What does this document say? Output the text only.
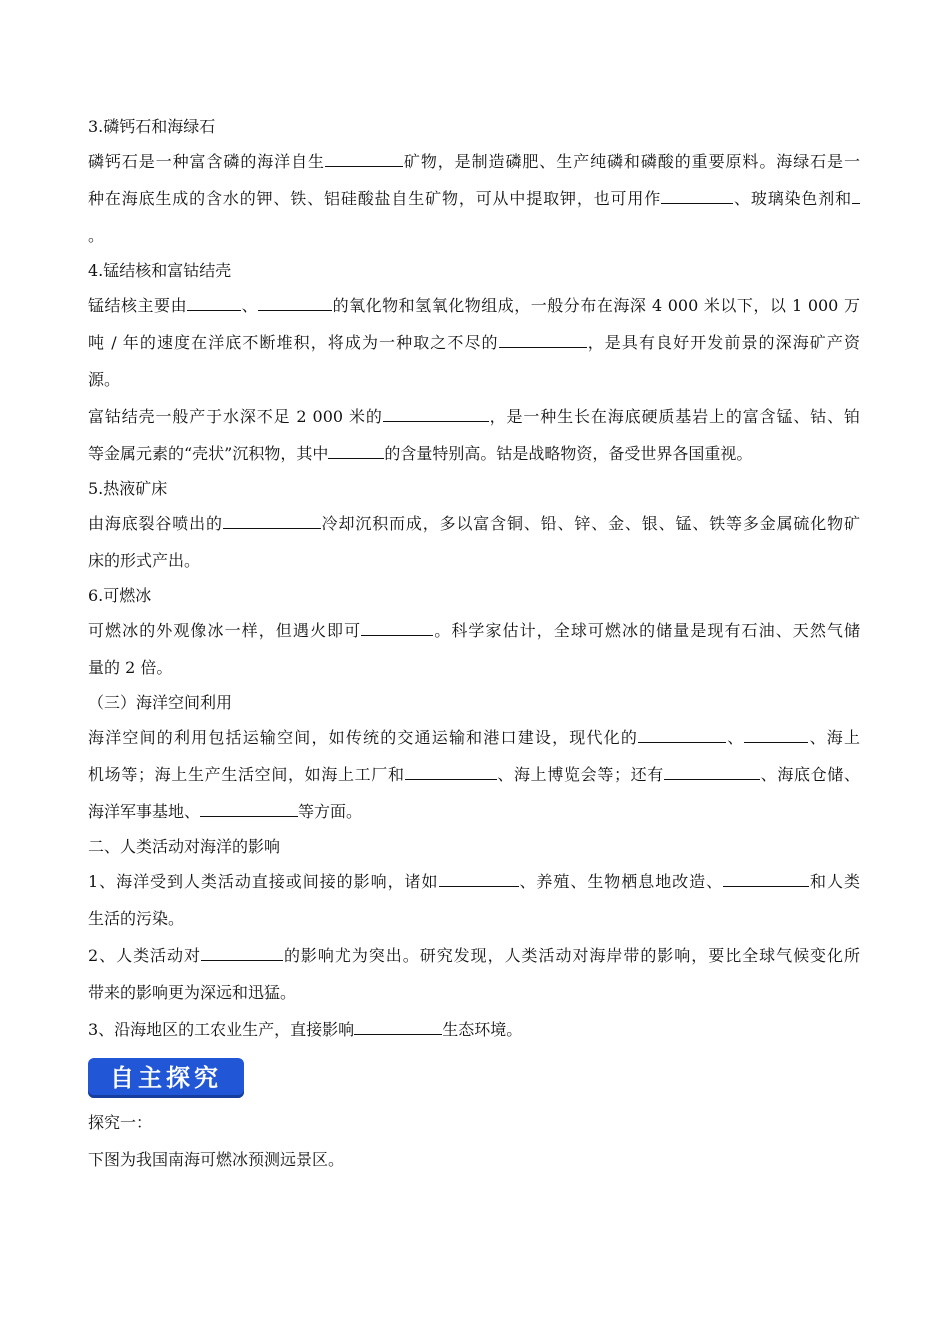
3.磷钙石和海绿石
磷钙石是一种富含磷的海洋自生	矿物，是制造磷肥、生产纯磷和磷酸的重要原料。海绿石是一
种在海底生成的含水的钾、铁、铝硅酸盐自生矿物，可从中提取钾，也可用作	、玻璃染色剂和
。
4.锰结核和富钴结壳
锰结核主要由	、	的氧化物和氢氧化物组成，一般分布在海深 4 000 米以下，以 1 000 万
吨 / 年的速度在洋底不断堆积，将成为一种取之不尽的	，是具有良好开发前景的深海矿产资
源。
富钴结壳一般产于水深不足 2 000 米的	，是一种生长在海底硬质基岩上的富含锰、钴、铂
等金属元素的“壳状”沉积物，其中	的含量特别高。钴是战略物资，备受世界各国重视。
5.热液矿床
由海底裂谷喷出的	冷却沉积而成，多以富含铜、铅、锌、金、银、锰、铁等多金属硫化物矿
床的形式产出。
6.可燃冰
可燃冰的外观像冰一样，但遇火即可	。科学家估计，全球可燃冰的储量是现有石油、天然气储
量的 2 倍。
（三）海洋空间利用
海洋空间的利用包括运输空间，如传统的交通运输和港口建设，现代化的	、	、海上
机场等；海上生产生活空间，如海上工厂和	、海上博览会等；还有	、海底仓储、
海洋军事基地、	等方面。
二、人类活动对海洋的影响
1、海洋受到人类活动直接或间接的影响，诸如	、养殖、生物栖息地改造、	和人类
生活的污染。
2、人类活动对	的影响尤为突出。研究发现，人类活动对海岸带的影响，要比全球气候变化所
带来的影响更为深远和迅猛。
3、沿海地区的工农业生产，直接影响	生态环境。
自主探究
探究一：
下图为我国南海可燃冰预测远景区。
